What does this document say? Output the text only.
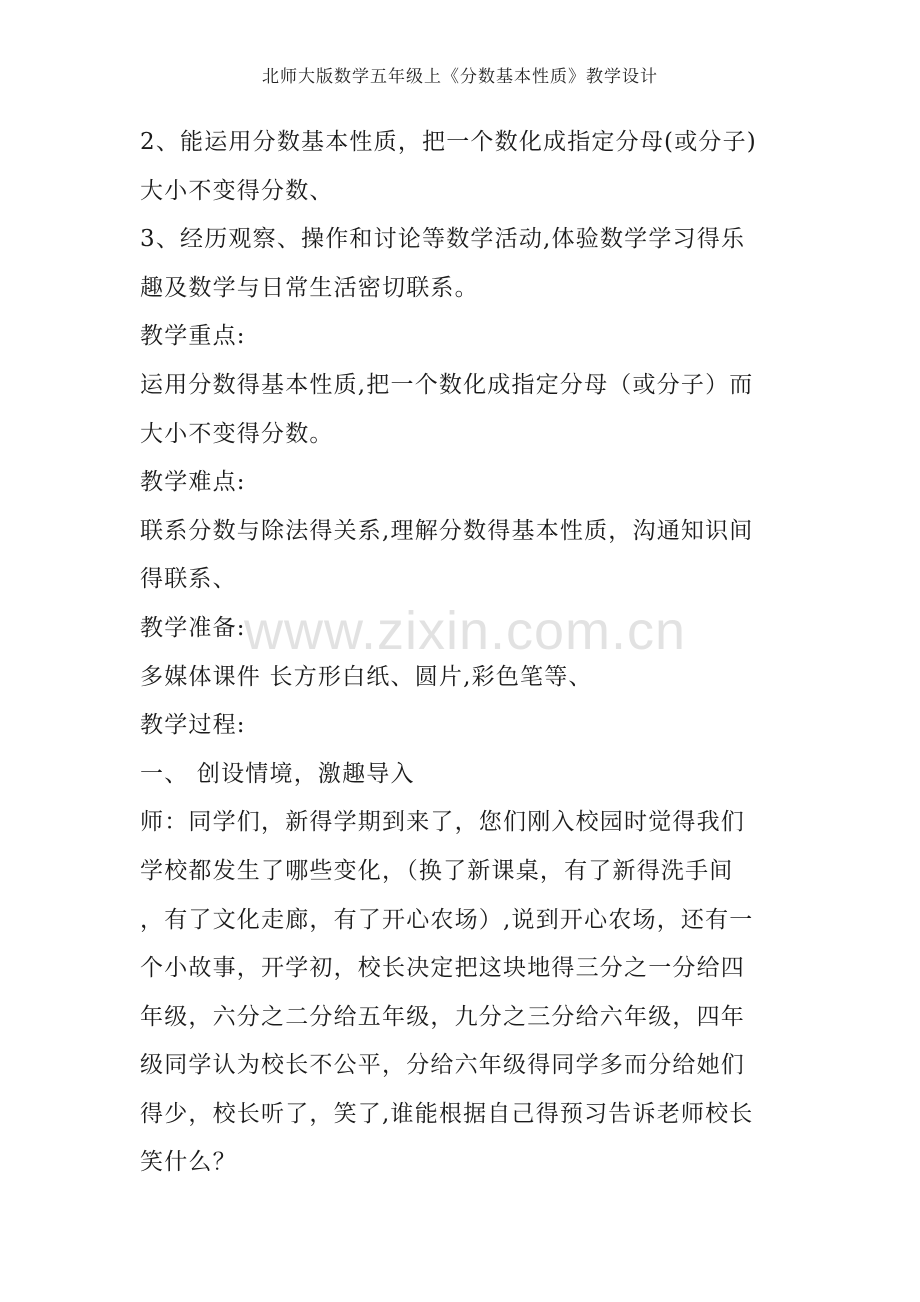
北师大版数学五年级上《分数基本性质》教学设计
2、能运用分数基本性质，把一个数化成指定分母(或分子)
大小不变得分数、
3、经历观察、操作和讨论等数学活动,体验数学学习得乐
趣及数学与日常生活密切联系。
教学重点:
运用分数得基本性质,把一个数化成指定分母（或分子）而
大小不变得分数。
教学难点:
联系分数与除法得关系,理解分数得基本性质，沟通知识间
得联系、
教学准备:
多媒体课件 长方形白纸、圆片,彩色笔等、
教学过程:
一、 创设情境，激趣导入
师：同学们，新得学期到来了，您们刚入校园时觉得我们
学校都发生了哪些变化，（换了新课桌，有了新得洗手间
，有了文化走廊，有了开心农场）,说到开心农场，还有一
个小故事，开学初，校长决定把这块地得三分之一分给四
年级，六分之二分给五年级，九分之三分给六年级，四年
级同学认为校长不公平，分给六年级得同学多而分给她们
得少，校长听了，笑了,谁能根据自己得预习告诉老师校长
笑什么？
www.zixin.com.cn
